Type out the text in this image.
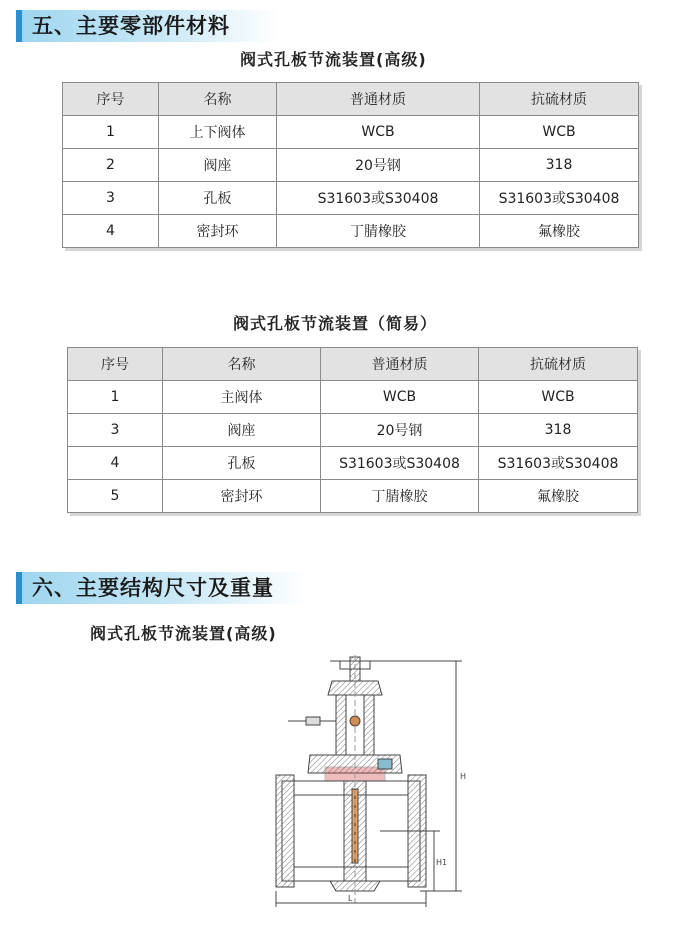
五、主要零部件材料
阀式孔板节流装置(高级)
序号	名称	普通材质	抗硫材质
1	上下阀体	WCB	WCB
2	阀座	20号钢	318
3	孔板	S31603或S30408	S31603或S30408
4	密封环	丁腈橡胶	氟橡胶
阀式孔板节流装置（简易）
序号	名称	普通材质	抗硫材质
1	主阀体	WCB	WCB
3	阀座	20号钢	318
4	孔板	S31603或S30408	S31603或S30408
5	密封环	丁腈橡胶	氟橡胶
六、主要结构尺寸及重量
阀式孔板节流装置(高级)
H
H1
L
